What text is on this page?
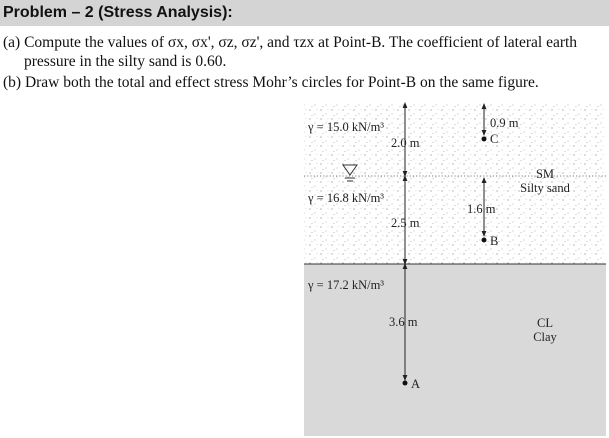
Problem – 2 (Stress Analysis):
(a) Compute the values of σx, σx', σz, σz', and τzx at Point-B. The coefficient of lateral earth
pressure in the silty sand is 0.60.
(b) Draw both the total and effect stress Mohr’s circles for Point-B on the same figure.
γ = 15.0 kN/m³
γ = 16.8 kN/m³
γ = 17.2 kN/m³
2.0 m
2.5 m
3.6 m
0.9 m
1.6 m
C
B
A
SM
Silty sand
CL
Clay
